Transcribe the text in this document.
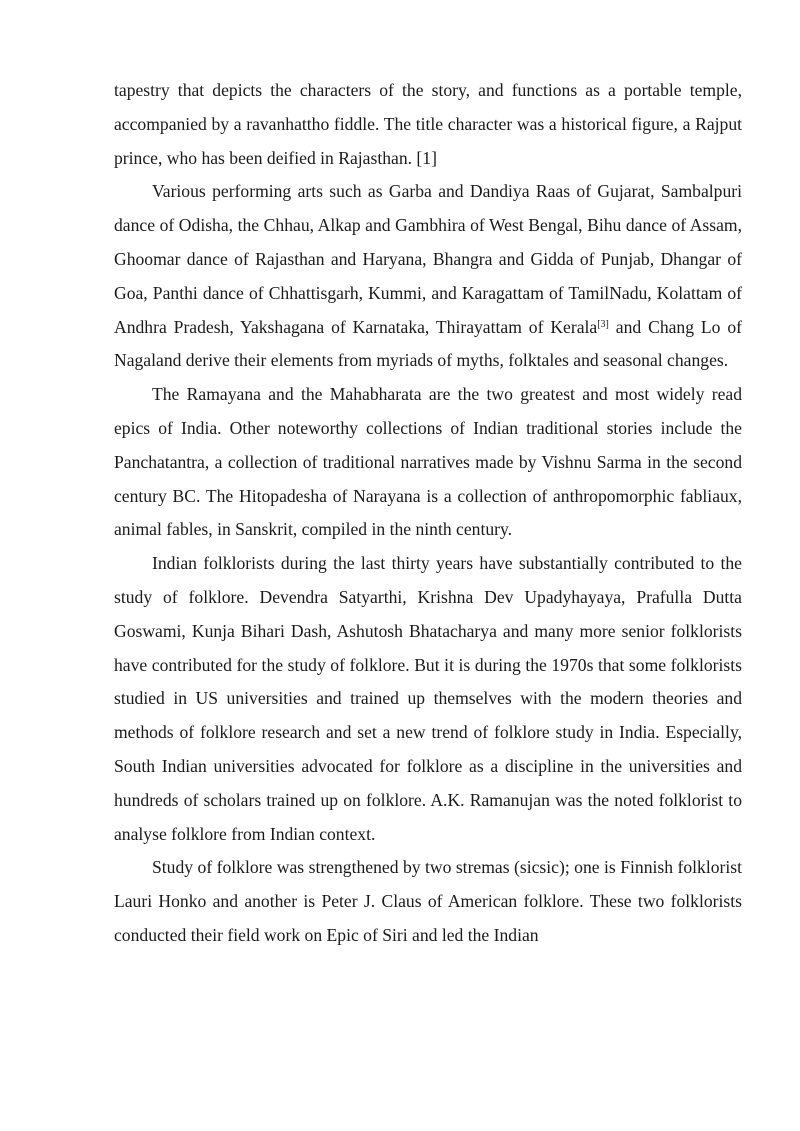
tapestry that depicts the characters of the story, and functions as a portable temple, accompanied by a ravanhattho fiddle. The title character was a historical figure, a Rajput prince, who has been deified in Rajasthan. [1]

Various performing arts such as Garba and Dandiya Raas of Gujarat, Sambalpuri dance of Odisha, the Chhau, Alkap and Gambhira of West Bengal, Bihu dance of Assam, Ghoomar dance of Rajasthan and Haryana, Bhangra and Gidda of Punjab, Dhangar of Goa, Panthi dance of Chhattisgarh, Kummi, and Karagattam of TamilNadu, Kolattam of Andhra Pradesh, Yakshagana of Karnataka, Thirayattam of Kerala[3] and Chang Lo of Nagaland derive their elements from myriads of myths, folktales and seasonal changes.

The Ramayana and the Mahabharata are the two greatest and most widely read epics of India. Other noteworthy collections of Indian traditional stories include the Panchatantra, a collection of traditional narratives made by Vishnu Sarma in the second century BC. The Hitopadesha of Narayana is a collection of anthropomorphic fabliaux, animal fables, in Sanskrit, compiled in the ninth century.

Indian folklorists during the last thirty years have substantially contributed to the study of folklore. Devendra Satyarthi, Krishna Dev Upadyhayaya, Prafulla Dutta Goswami, Kunja Bihari Dash, Ashutosh Bhatacharya and many more senior folklorists have contributed for the study of folklore. But it is during the 1970s that some folklorists studied in US universities and trained up themselves with the modern theories and methods of folklore research and set a new trend of folklore study in India. Especially, South Indian universities advocated for folklore as a discipline in the universities and hundreds of scholars trained up on folklore. A.K. Ramanujan was the noted folklorist to analyse folklore from Indian context.

Study of folklore was strengthened by two stremas (sicsic); one is Finnish folklorist Lauri Honko and another is Peter J. Claus of American folklore. These two folklorists conducted their field work on Epic of Siri and led the Indian
